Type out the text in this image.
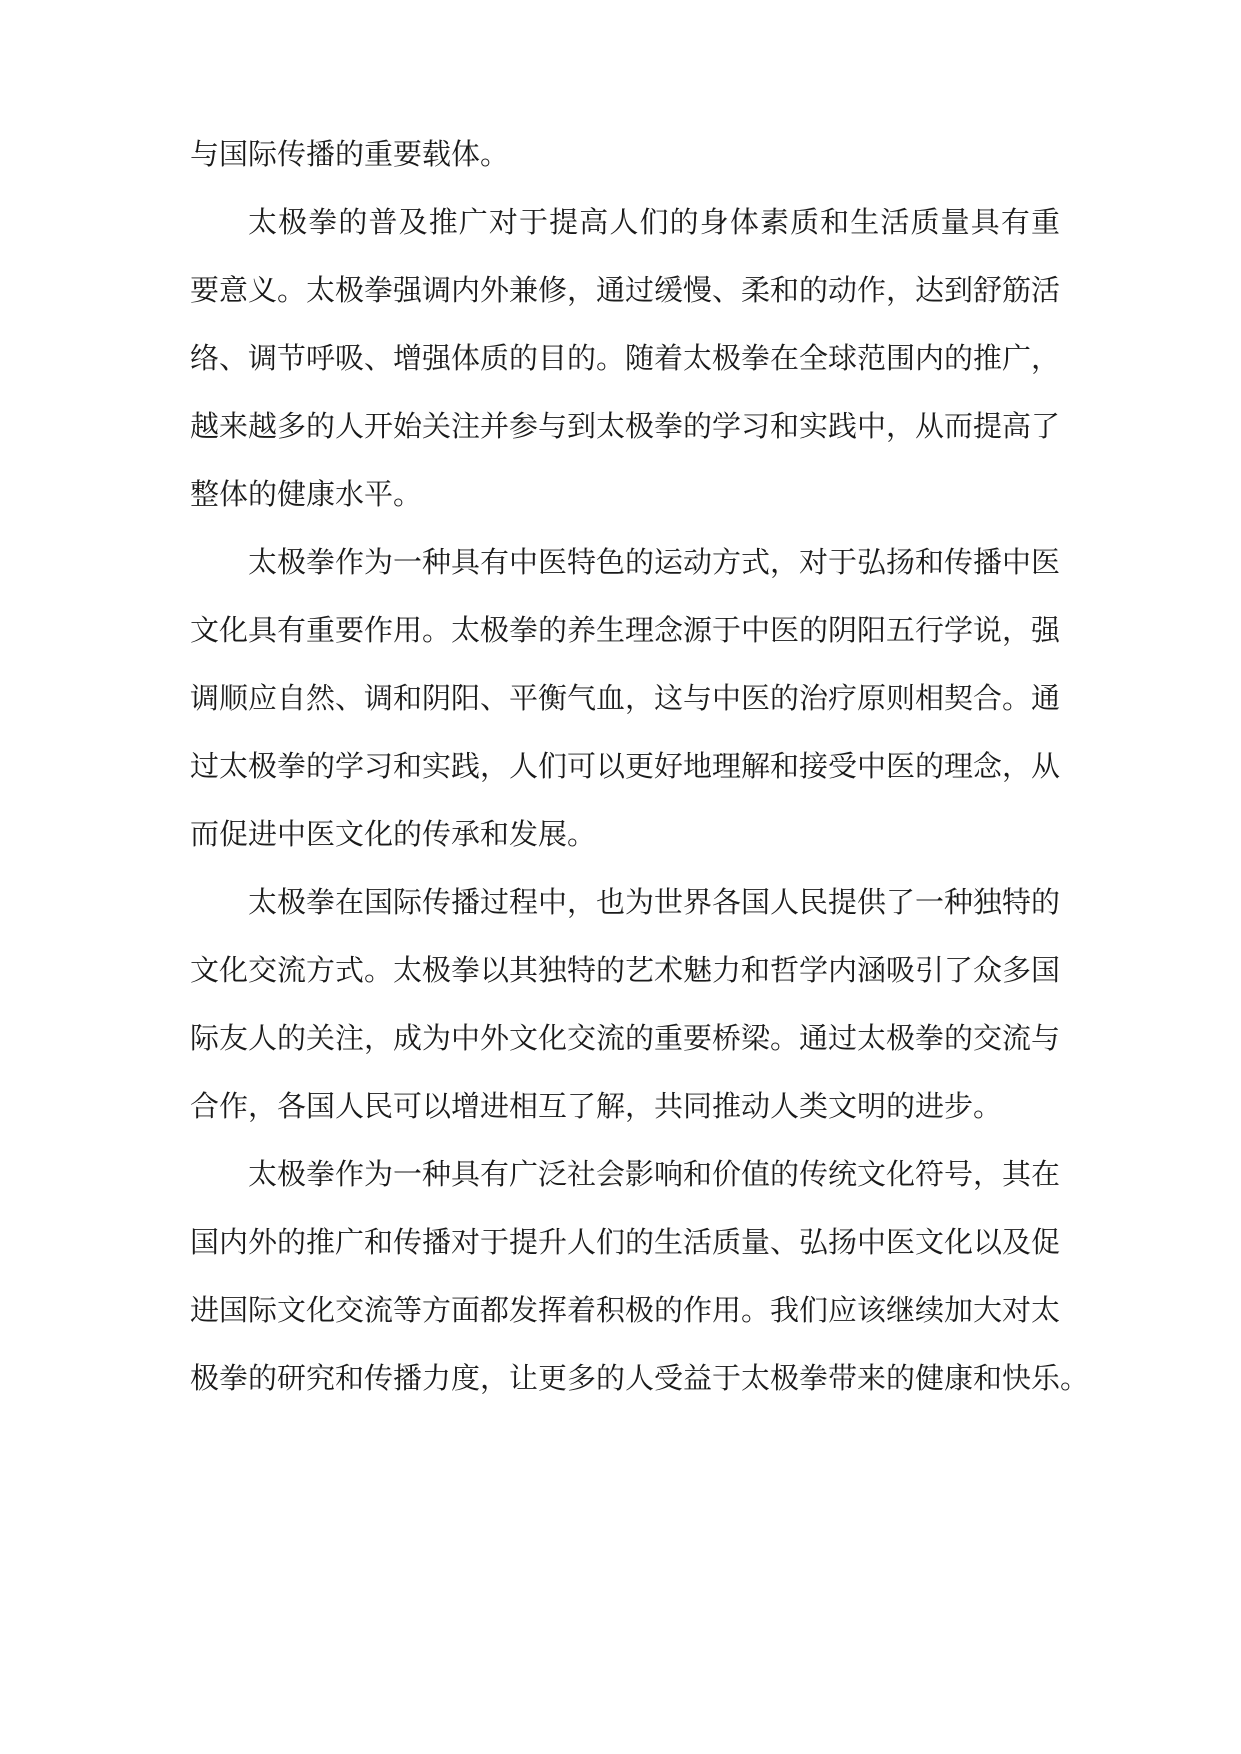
与国际传播的重要载体。
太极拳的普及推广对于提高人们的身体素质和生活质量具有重
要意义。太极拳强调内外兼修，通过缓慢、柔和的动作，达到舒筋活
络、调节呼吸、增强体质的目的。随着太极拳在全球范围内的推广，
越来越多的人开始关注并参与到太极拳的学习和实践中，从而提高了
整体的健康水平。
太极拳作为一种具有中医特色的运动方式，对于弘扬和传播中医
文化具有重要作用。太极拳的养生理念源于中医的阴阳五行学说，强
调顺应自然、调和阴阳、平衡气血，这与中医的治疗原则相契合。通
过太极拳的学习和实践，人们可以更好地理解和接受中医的理念，从
而促进中医文化的传承和发展。
太极拳在国际传播过程中，也为世界各国人民提供了一种独特的
文化交流方式。太极拳以其独特的艺术魅力和哲学内涵吸引了众多国
际友人的关注，成为中外文化交流的重要桥梁。通过太极拳的交流与
合作，各国人民可以增进相互了解，共同推动人类文明的进步。
太极拳作为一种具有广泛社会影响和价值的传统文化符号，其在
国内外的推广和传播对于提升人们的生活质量、弘扬中医文化以及促
进国际文化交流等方面都发挥着积极的作用。我们应该继续加大对太
极拳的研究和传播力度，让更多的人受益于太极拳带来的健康和快乐。
